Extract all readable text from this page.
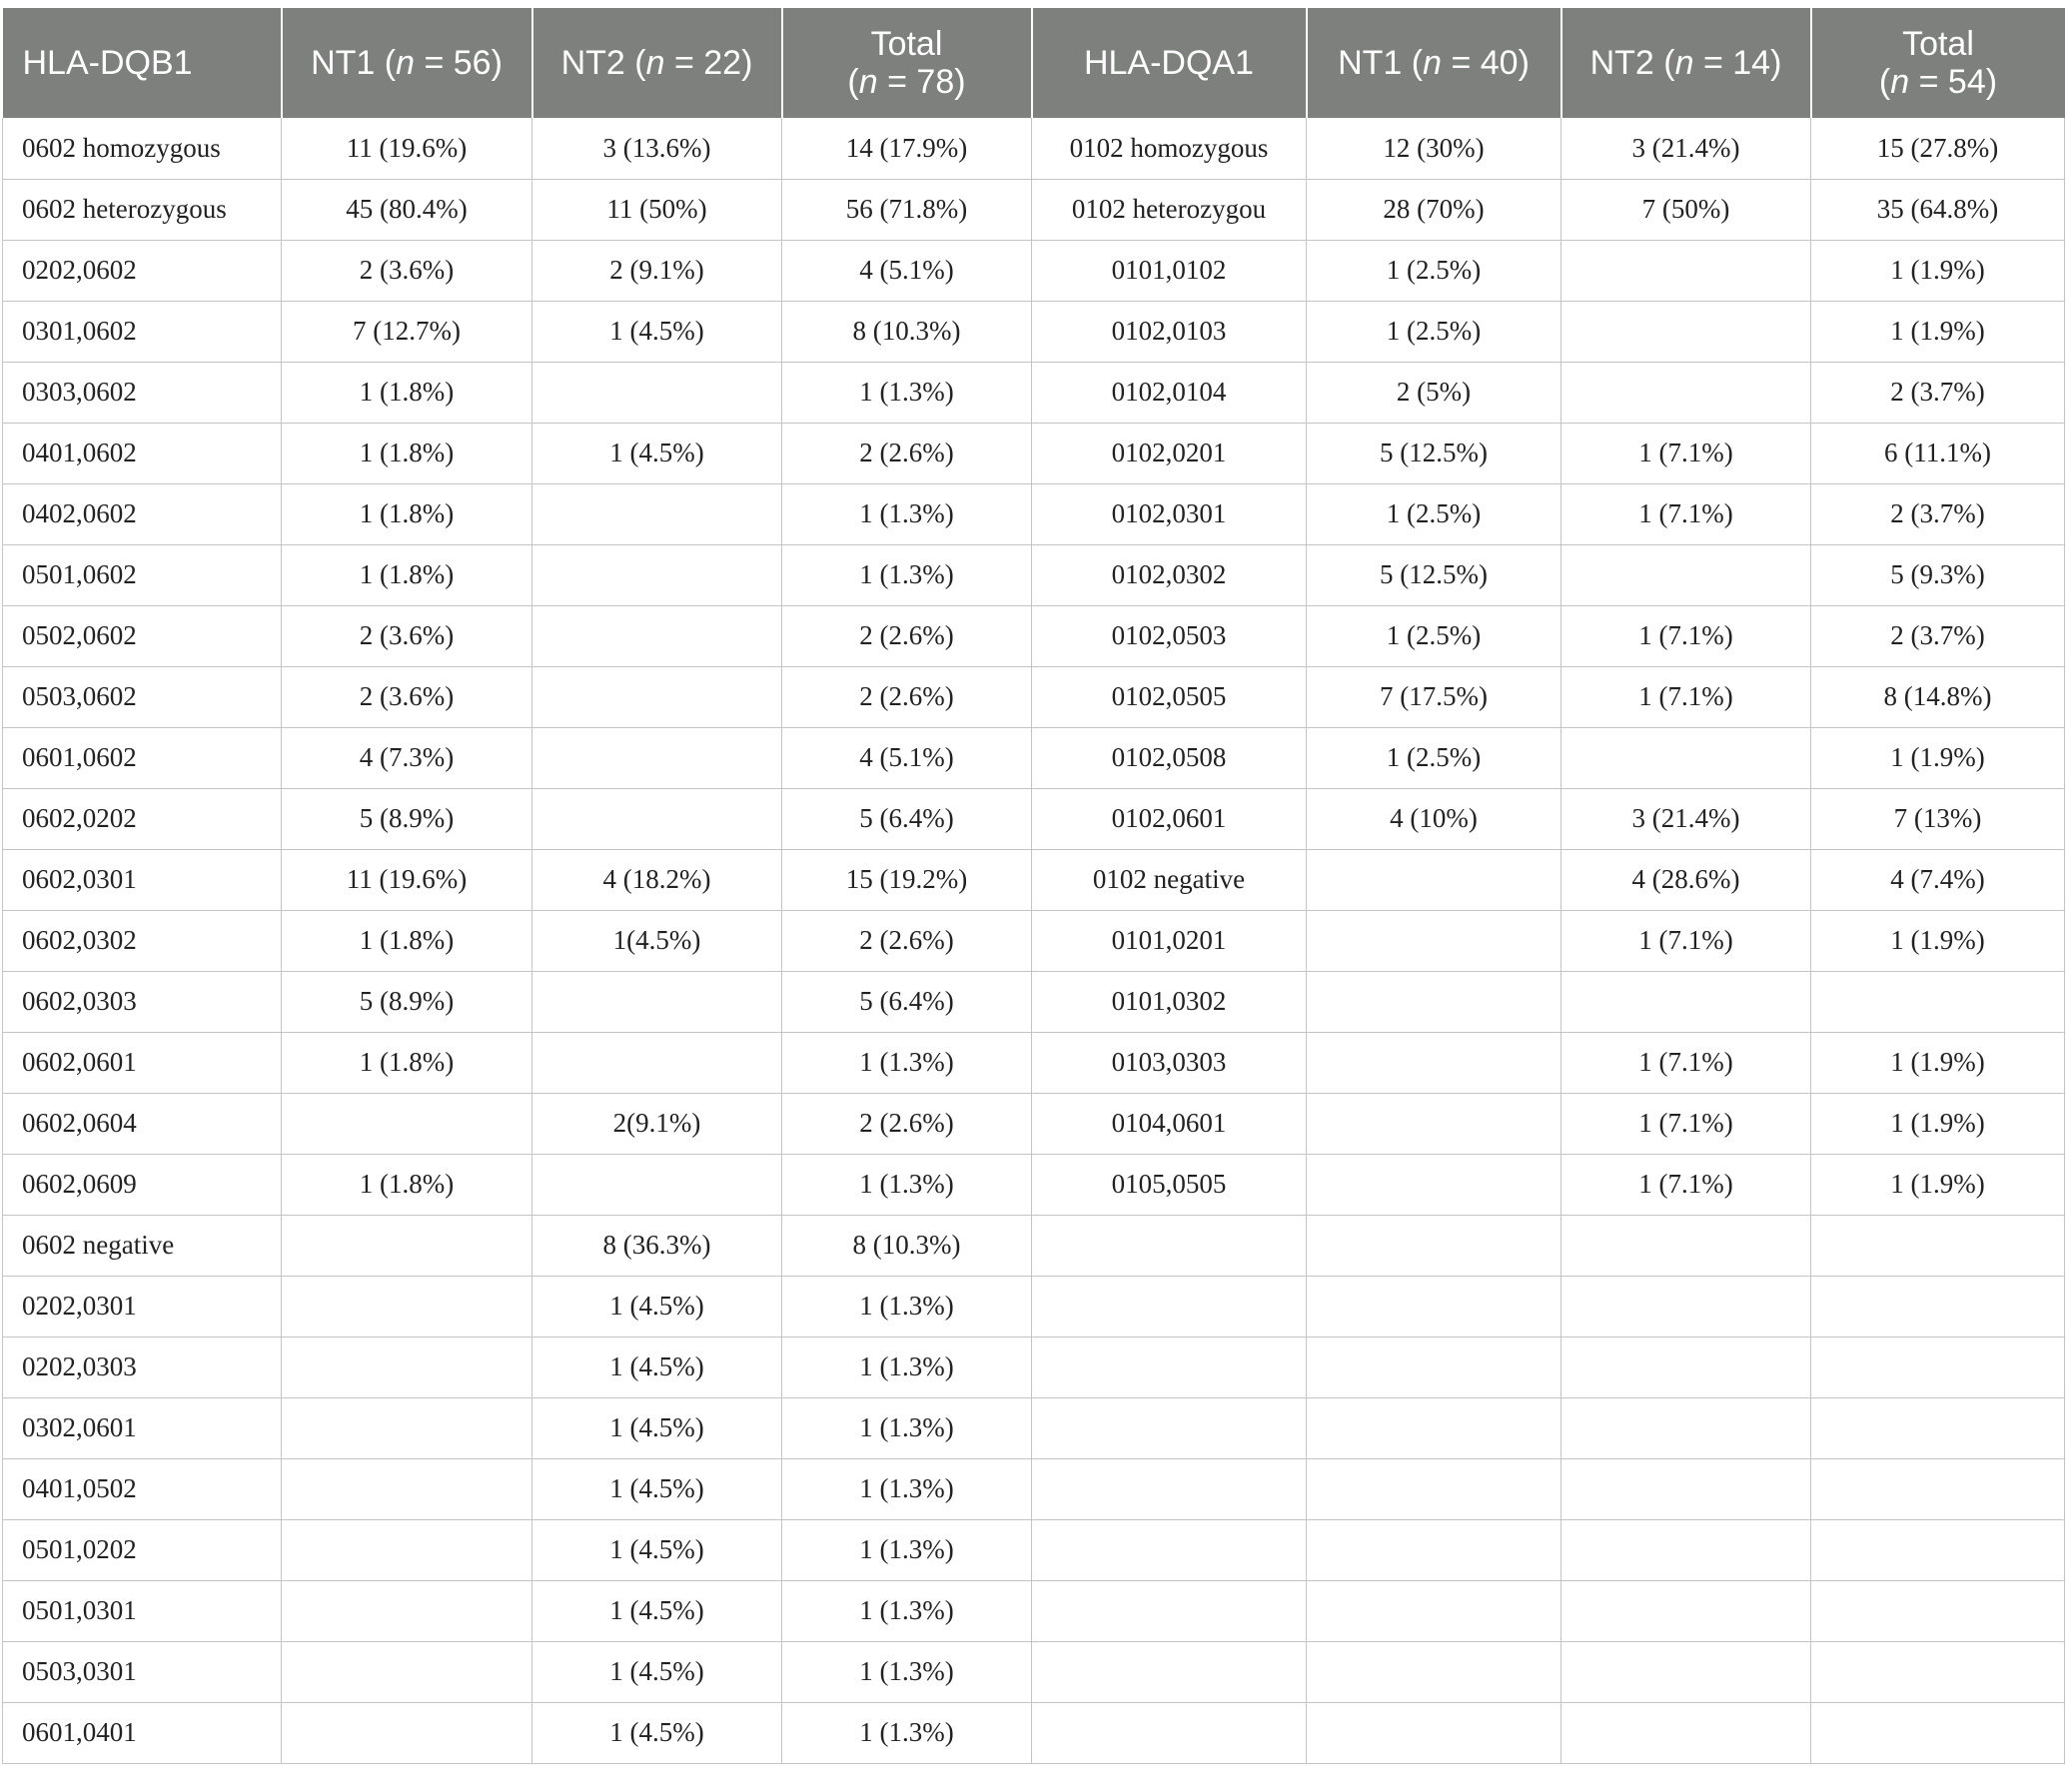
HLA-DQB1	NT1 (n = 56)	NT2 (n = 22)	Total
(n = 78)	HLA-DQA1	NT1 (n = 40)	NT2 (n = 14)	Total
(n = 54)
0602 homozygous	11 (19.6%)	3 (13.6%)	14 (17.9%)	0102 homozygous	12 (30%)	3 (21.4%)	15 (27.8%)
0602 heterozygous	45 (80.4%)	11 (50%)	56 (71.8%)	0102 heterozygou	28 (70%)	7 (50%)	35 (64.8%)
0202,0602	2 (3.6%)	2 (9.1%)	4 (5.1%)	0101,0102	1 (2.5%)		1 (1.9%)
0301,0602	7 (12.7%)	1 (4.5%)	8 (10.3%)	0102,0103	1 (2.5%)		1 (1.9%)
0303,0602	1 (1.8%)		1 (1.3%)	0102,0104	2 (5%)		2 (3.7%)
0401,0602	1 (1.8%)	1 (4.5%)	2 (2.6%)	0102,0201	5 (12.5%)	1 (7.1%)	6 (11.1%)
0402,0602	1 (1.8%)		1 (1.3%)	0102,0301	1 (2.5%)	1 (7.1%)	2 (3.7%)
0501,0602	1 (1.8%)		1 (1.3%)	0102,0302	5 (12.5%)		5 (9.3%)
0502,0602	2 (3.6%)		2 (2.6%)	0102,0503	1 (2.5%)	1 (7.1%)	2 (3.7%)
0503,0602	2 (3.6%)		2 (2.6%)	0102,0505	7 (17.5%)	1 (7.1%)	8 (14.8%)
0601,0602	4 (7.3%)		4 (5.1%)	0102,0508	1 (2.5%)		1 (1.9%)
0602,0202	5 (8.9%)		5 (6.4%)	0102,0601	4 (10%)	3 (21.4%)	7 (13%)
0602,0301	11 (19.6%)	4 (18.2%)	15 (19.2%)	0102 negative		4 (28.6%)	4 (7.4%)
0602,0302	1 (1.8%)	1(4.5%)	2 (2.6%)	0101,0201		1 (7.1%)	1 (1.9%)
0602,0303	5 (8.9%)		5 (6.4%)	0101,0302			
0602,0601	1 (1.8%)		1 (1.3%)	0103,0303		1 (7.1%)	1 (1.9%)
0602,0604		2(9.1%)	2 (2.6%)	0104,0601		1 (7.1%)	1 (1.9%)
0602,0609	1 (1.8%)		1 (1.3%)	0105,0505		1 (7.1%)	1 (1.9%)
0602 negative		8 (36.3%)	8 (10.3%)				
0202,0301		1 (4.5%)	1 (1.3%)				
0202,0303		1 (4.5%)	1 (1.3%)				
0302,0601		1 (4.5%)	1 (1.3%)				
0401,0502		1 (4.5%)	1 (1.3%)				
0501,0202		1 (4.5%)	1 (1.3%)				
0501,0301		1 (4.5%)	1 (1.3%)				
0503,0301		1 (4.5%)	1 (1.3%)				
0601,0401		1 (4.5%)	1 (1.3%)				
